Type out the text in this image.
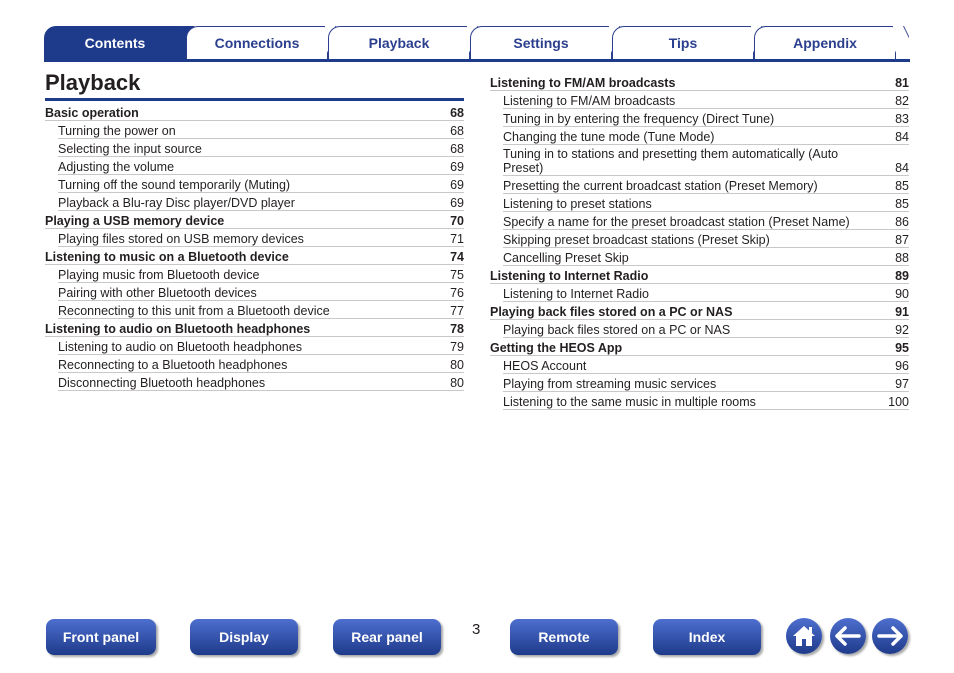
Contents	Connections	Playback	Settings	Tips	Appendix
Playback
Basic operation	68
Turning the power on	68
Selecting the input source	68
Adjusting the volume	69
Turning off the sound temporarily (Muting)	69
Playback a Blu-ray Disc player/DVD player	69
Playing a USB memory device	70
Playing files stored on USB memory devices	71
Listening to music on a Bluetooth device	74
Playing music from Bluetooth device	75
Pairing with other Bluetooth devices	76
Reconnecting to this unit from a Bluetooth device	77
Listening to audio on Bluetooth headphones	78
Listening to audio on Bluetooth headphones	79
Reconnecting to a Bluetooth headphones	80
Disconnecting Bluetooth headphones	80
Listening to FM/AM broadcasts	81
Listening to FM/AM broadcasts	82
Tuning in by entering the frequency (Direct Tune)	83
Changing the tune mode (Tune Mode)	84
Tuning in to stations and presetting them automatically (Auto Preset)	84
Presetting the current broadcast station (Preset Memory)	85
Listening to preset stations	85
Specify a name for the preset broadcast station (Preset Name)	86
Skipping preset broadcast stations (Preset Skip)	87
Cancelling Preset Skip	88
Listening to Internet Radio	89
Listening to Internet Radio	90
Playing back files stored on a PC or NAS	91
Playing back files stored on a PC or NAS	92
Getting the HEOS App	95
HEOS Account	96
Playing from streaming music services	97
Listening to the same music in multiple rooms	100
Front panel	Display	Rear panel	3	Remote	Index
